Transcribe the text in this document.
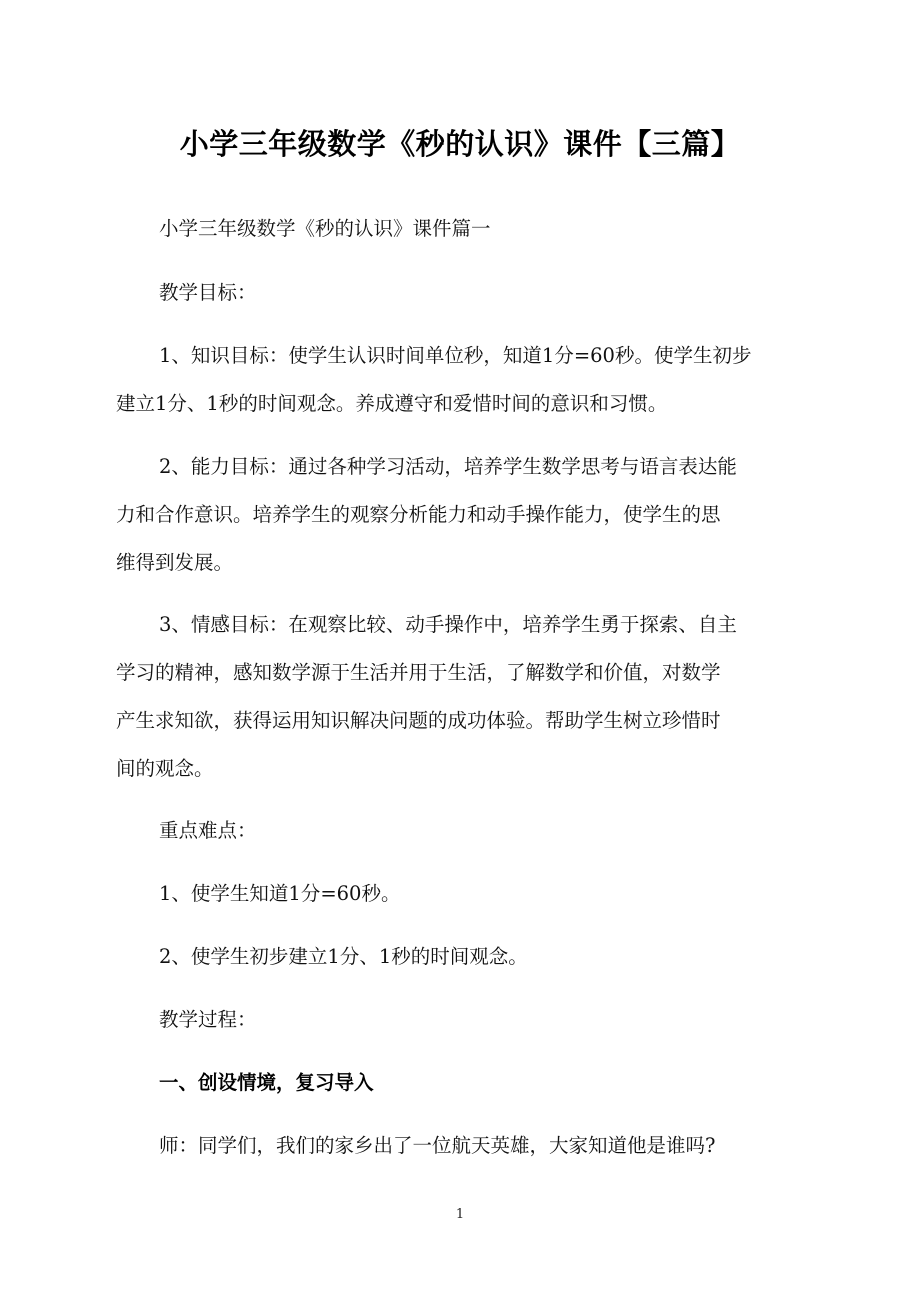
小学三年级数学《秒的认识》课件【三篇】
小学三年级数学《秒的认识》课件篇一
教学目标：
1、知识目标：使学生认识时间单位秒，知道1分=60秒。使学生初步
建立1分、1秒的时间观念。养成遵守和爱惜时间的意识和习惯。
2、能力目标：通过各种学习活动，培养学生数学思考与语言表达能
力和合作意识。培养学生的观察分析能力和动手操作能力，使学生的思
维得到发展。
3、情感目标：在观察比较、动手操作中，培养学生勇于探索、自主
学习的精神，感知数学源于生活并用于生活，了解数学和价值，对数学
产生求知欲，获得运用知识解决问题的成功体验。帮助学生树立珍惜时
间的观念。
重点难点：
1、使学生知道1分=60秒。
2、使学生初步建立1分、1秒的时间观念。
教学过程：
一、创设情境，复习导入
师：同学们，我们的家乡出了一位航天英雄，大家知道他是谁吗?
1
